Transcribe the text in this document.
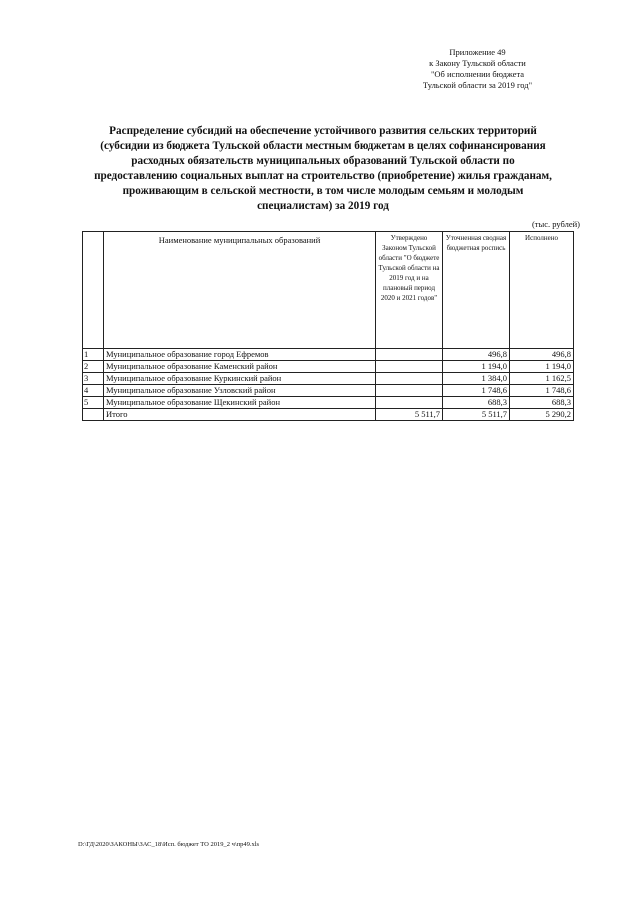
Приложение 49
к Закону Тульской области
"Об исполнении бюджета
Тульской области за 2019 год"
Распределение субсидий на обеспечение устойчивого развития сельских территорий
(субсидии из бюджета Тульской области местным бюджетам в целях софинансирования
расходных обязательств муниципальных образований Тульской области по
предоставлению социальных выплат на строительство (приобретение) жилья гражданам,
проживающим в сельской местности, в том числе молодым семьям и молодым
специалистам) за 2019 год
(тыс. рублей)
	Наименование муниципальных образований	Утверждено Законом Тульской области "О бюджете Тульской области на 2019 год и на плановый период 2020 и 2021 годов"	Уточненная сводная бюджетная роспись	Исполнено
1	Муниципальное образование город Ефремов		496,8	496,8
2	Муниципальное образование Каменский район		1 194,0	1 194,0
3	Муниципальное образование Куркинский район		1 384,0	1 162,5
4	Муниципальное образование Узловский район		1 748,6	1 748,6
5	Муниципальное образование Щекинский район		688,3	688,3
	Итого	5 511,7	5 511,7	5 290,2
D:\ГД\2020\ЗАКОНЫ\ЗАС_18\Исп. бюджет ТО 2019_2 ч\пр49.xls
